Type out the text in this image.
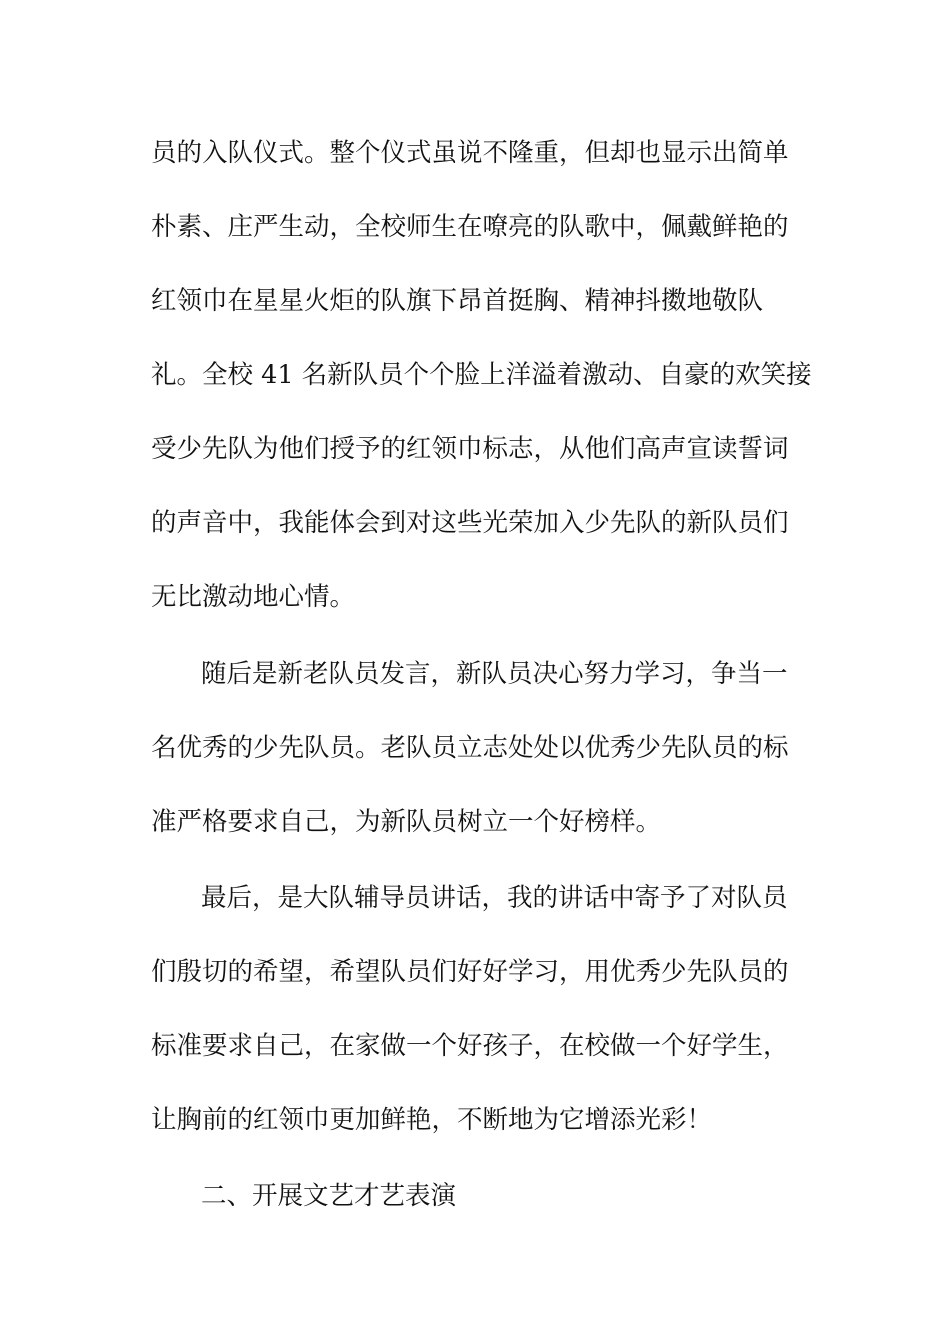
员的入队仪式。整个仪式虽说不隆重，但却也显示出简单
朴素、庄严生动，全校师生在嘹亮的队歌中，佩戴鲜艳的
红领巾在星星火炬的队旗下昂首挺胸、精神抖擞地敬队
礼。全校 41 名新队员个个脸上洋溢着激动、自豪的欢笑接
受少先队为他们授予的红领巾标志，从他们高声宣读誓词
的声音中，我能体会到对这些光荣加入少先队的新队员们
无比激动地心情。
随后是新老队员发言，新队员决心努力学习，争当一
名优秀的少先队员。老队员立志处处以优秀少先队员的标
准严格要求自己，为新队员树立一个好榜样。
最后，是大队辅导员讲话，我的讲话中寄予了对队员
们殷切的希望，希望队员们好好学习，用优秀少先队员的
标准要求自己，在家做一个好孩子，在校做一个好学生，
让胸前的红领巾更加鲜艳，不断地为它增添光彩！
二、开展文艺才艺表演
